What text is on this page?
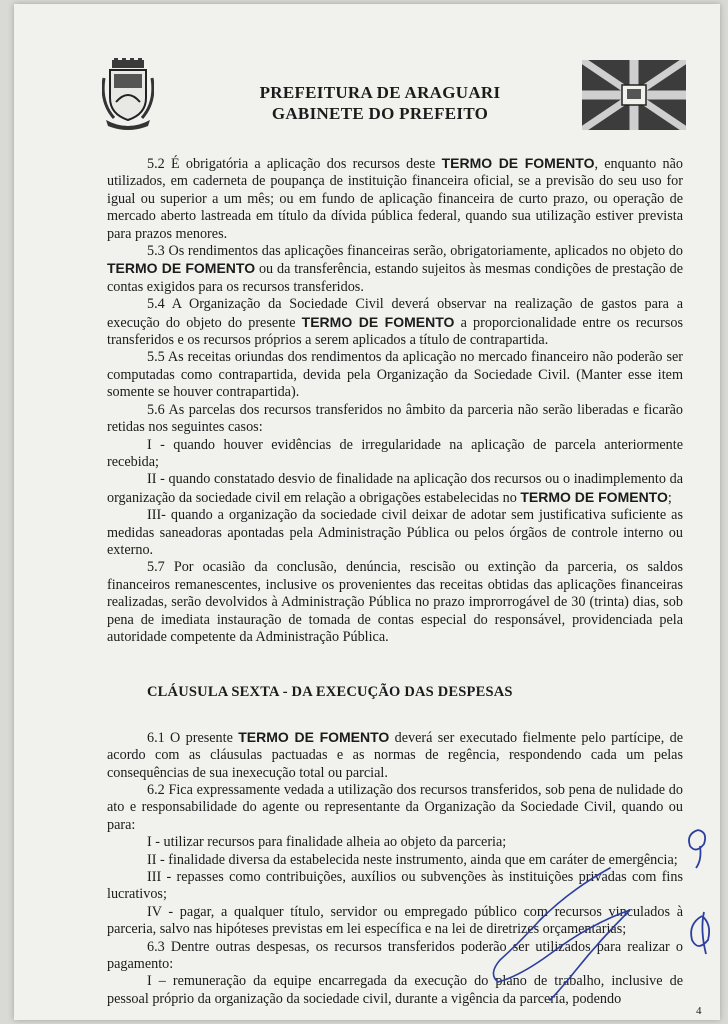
PREFEITURA DE ARAGUARI
GABINETE DO PREFEITO

5.2 É obrigatória a aplicação dos recursos deste TERMO DE FOMENTO, enquanto não utilizados, em caderneta de poupança de instituição financeira oficial, se a previsão do seu uso for igual ou superior a um mês; ou em fundo de aplicação financeira de curto prazo, ou operação de mercado aberto lastreada em título da dívida pública federal, quando sua utilização estiver prevista para prazos menores.

5.3 Os rendimentos das aplicações financeiras serão, obrigatoriamente, aplicados no objeto do TERMO DE FOMENTO ou da transferência, estando sujeitos às mesmas condições de prestação de contas exigidos para os recursos transferidos.

5.4 A Organização da Sociedade Civil deverá observar na realização de gastos para a execução do objeto do presente TERMO DE FOMENTO a proporcionalidade entre os recursos transferidos e os recursos próprios a serem aplicados a título de contrapartida.

5.5 As receitas oriundas dos rendimentos da aplicação no mercado financeiro não poderão ser computadas como contrapartida, devida pela Organização da Sociedade Civil. (Manter esse item somente se houver contrapartida).

5.6 As parcelas dos recursos transferidos no âmbito da parceria não serão liberadas e ficarão retidas nos seguintes casos:

I - quando houver evidências de irregularidade na aplicação de parcela anteriormente recebida;

II - quando constatado desvio de finalidade na aplicação dos recursos ou o inadimplemento da organização da sociedade civil em relação a obrigações estabelecidas no TERMO DE FOMENTO;

III- quando a organização da sociedade civil deixar de adotar sem justificativa suficiente as medidas saneadoras apontadas pela Administração Pública ou pelos órgãos de controle interno ou externo.

5.7 Por ocasião da conclusão, denúncia, rescisão ou extinção da parceria, os saldos financeiros remanescentes, inclusive os provenientes das receitas obtidas das aplicações financeiras realizadas, serão devolvidos à Administração Pública no prazo improrrogável de 30 (trinta) dias, sob pena de imediata instauração de tomada de contas especial do responsável, providenciada pela autoridade competente da Administração Pública.

CLÁUSULA SEXTA - DA EXECUÇÃO DAS DESPESAS

6.1 O presente TERMO DE FOMENTO deverá ser executado fielmente pelo partícipe, de acordo com as cláusulas pactuadas e as normas de regência, respondendo cada um pelas consequências de sua inexecução total ou parcial.

6.2 Fica expressamente vedada a utilização dos recursos transferidos, sob pena de nulidade do ato e responsabilidade do agente ou representante da Organização da Sociedade Civil, quando ou para:

I - utilizar recursos para finalidade alheia ao objeto da parceria;

II - finalidade diversa da estabelecida neste instrumento, ainda que em caráter de emergência;

III - repasses como contribuições, auxílios ou subvenções às instituições privadas com fins lucrativos;

IV - pagar, a qualquer título, servidor ou empregado público com recursos vinculados à parceria, salvo nas hipóteses previstas em lei específica e na lei de diretrizes orçamentárias;

6.3 Dentre outras despesas, os recursos transferidos poderão ser utilizados para realizar o pagamento:

I – remuneração da equipe encarregada da execução do plano de trabalho, inclusive de pessoal próprio da organização da sociedade civil, durante a vigência da parceria, podendo

4
